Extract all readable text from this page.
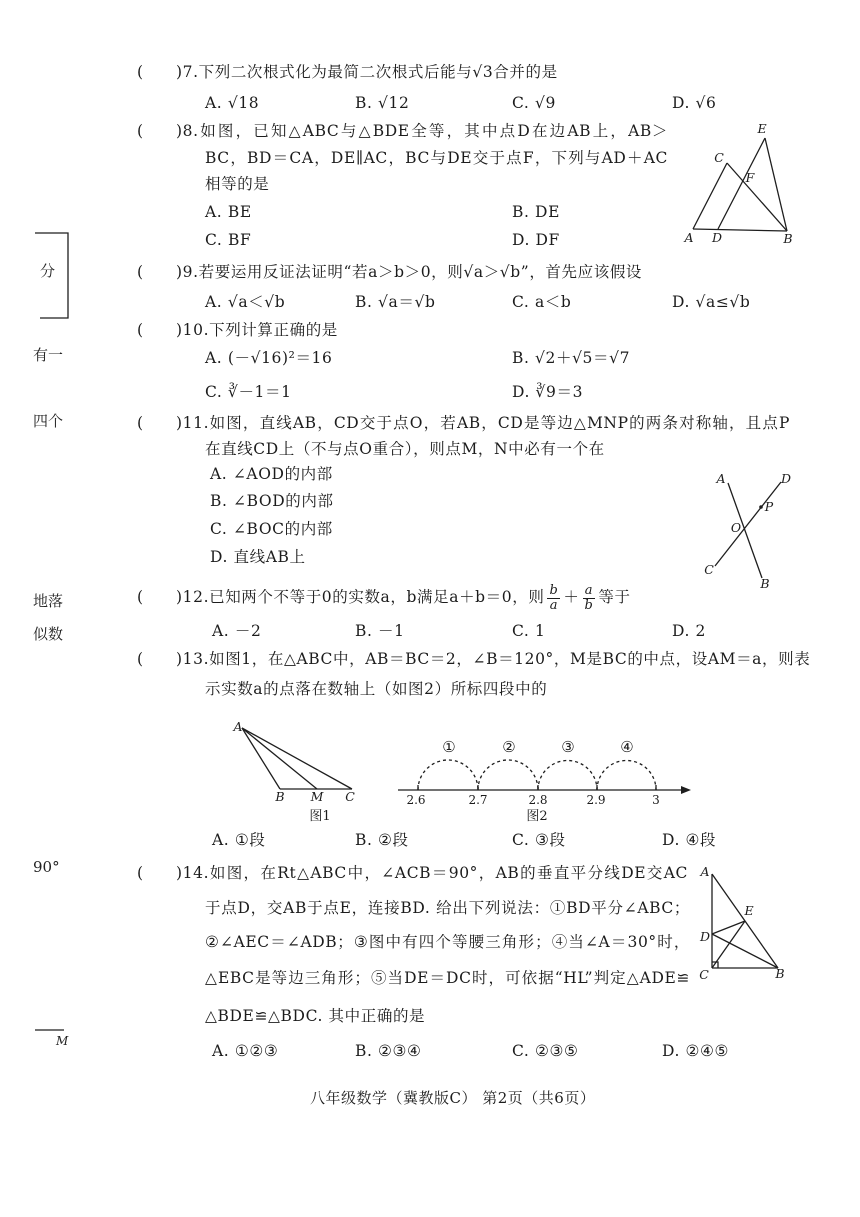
分
有一
四个
地落
似数
90°
M
( )7.下列二次根式化为最简二次根式后能与√3合并的是
A. √18	B. √12	C. √9	D. √6
( )8.如图，已知△ABC与△BDE全等，其中点D在边AB上，AB＞
BC，BD＝CA，DE∥AC，BC与DE交于点F，下列与AD＋AC
相等的是
A. BE	B. DE
C. BF	D. DF
( )9.若要运用反证法证明“若a＞b＞0，则√a＞√b”，首先应该假设
A. √a＜√b	B. √a＝√b	C. a＜b	D. √a≤√b
( )10.下列计算正确的是
A. (－√16)²＝16	B. √2＋√5＝√7
C. ∛－1＝1	D. ∛9＝3
( )11.如图，直线AB，CD交于点O，若AB，CD是等边△MNP的两条对称轴，且点P
在直线CD上（不与点O重合），则点M，N中必有一个在
A. ∠AOD的内部
B. ∠BOD的内部
C. ∠BOC的内部
D. 直线AB上
( )12.已知两个不等于0的实数a，b满足a＋b＝0，则 $\frac{b}{a} + \frac{a}{b}$ 等于
A. －2	B. －1	C. 1	D. 2
( )13.如图1，在△ABC中，AB＝BC＝2，∠B＝120°，M是BC的中点，设AM＝a，则表
示实数a的点落在数轴上（如图2）所标四段中的
A. ①段	B. ②段	C. ③段	D. ④段
( )14.如图，在Rt△ABC中，∠ACB＝90°，AB的垂直平分线DE交AC
于点D，交AB于点E，连接BD. 给出下列说法：①BD平分∠ABC；
②∠AEC＝∠ADB；③图中有四个等腰三角形；④当∠A＝30°时，
△EBC是等边三角形；⑤当DE＝DC时，可依据“HL”判定△ADE≌
△BDE≌△BDC. 其中正确的是
A. ①②③	B. ②③④	C. ②③⑤	D. ②④⑤
八年级数学（冀教版C） 第2页（共6页）
E
C
F
A D	B
A	D
P
O
C
B
A
B M C
图1
2.6	2.7	2.8	2.9	3
①	②	③	④
图2
A
E
D
C	B
